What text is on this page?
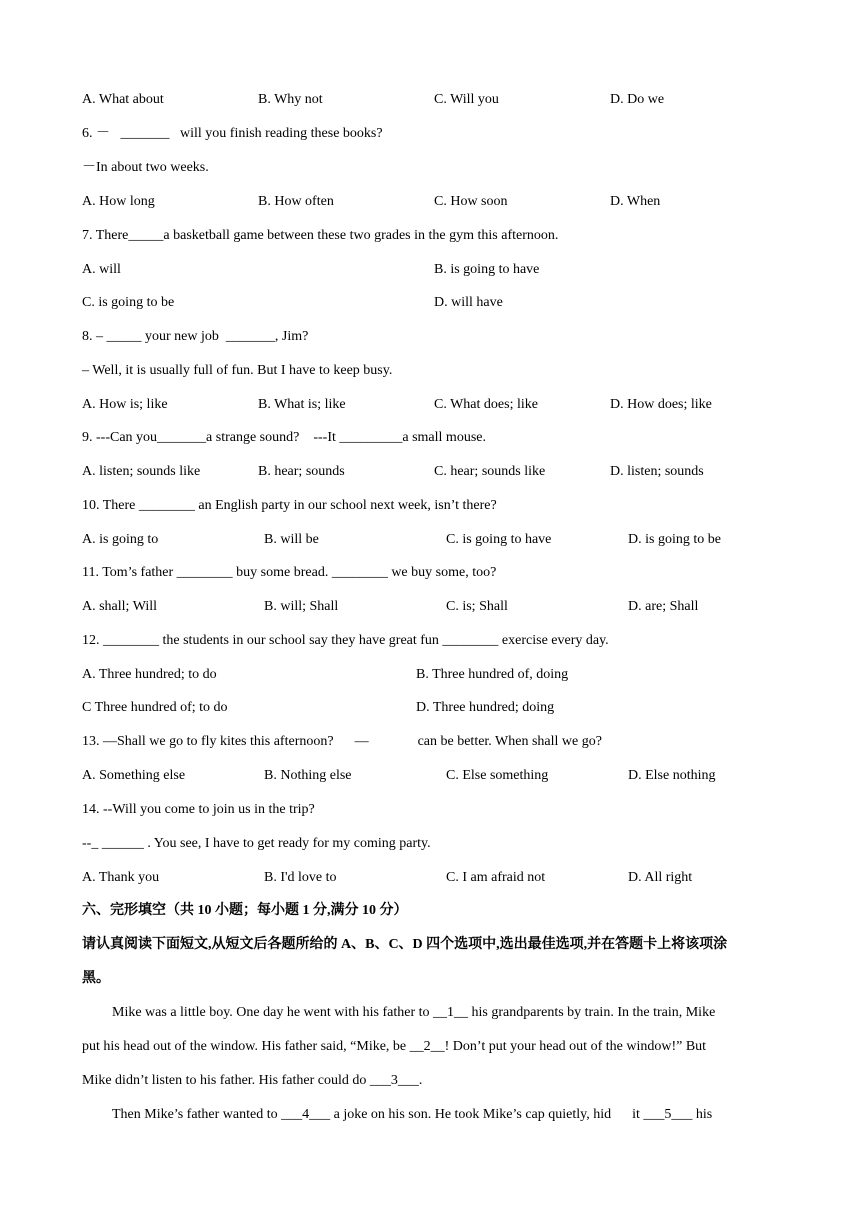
A. What about	B. Why not	C. Will you	D. Do we
6. －   _______   will you finish reading these books?
－In about two weeks.
A. How long	B. How often	C. How soon	D. When
7. There_____a basketball game between these two grades in the gym this afternoon.
A. will	B. is going to have
C. is going to be	D. will have
8. – _____ your new job  _______, Jim?
– Well, it is usually full of fun. But I have to keep busy.
A. How is; like	B. What is; like	C. What does; like	D. How does; like
9. ---Can you_______a strange sound?    ---It _________a small mouse.
A. listen; sounds like	B. hear; sounds	C. hear; sounds like	D. listen; sounds
10. There ________ an English party in our school next week, isn’t there?
A. is going to	B. will be	C. is going to have	D. is going to be
11. Tom’s father ________ buy some bread. ________ we buy some, too?
A. shall; Will	B. will; Shall	C. is; Shall	D. are; Shall
12. ________ the students in our school say they have great fun ________ exercise every day.
A. Three hundred; to do	B. Three hundred of, doing
C Three hundred of; to do	D. Three hundred; doing
13. —Shall we go to fly kites this afternoon?      —              can be better. When shall we go?
A. Something else	B. Nothing else	C. Else something	D. Else nothing
14. --Will you come to join us in the trip?
--_ ______ . You see, I have to get ready for my coming party.
A. Thank you	B. I'd love to	C. I am afraid not	D. All right
六、完形填空（共 10 小题；每小题 1 分,满分 10 分）
请认真阅读下面短文,从短文后各题所给的 A、B、C、D 四个选项中,选出最佳选项,并在答题卡上将该项涂
黑。
Mike was a little boy. One day he went with his father to __1__ his grandparents by train. In the train, Mike
put his head out of the window. His father said, “Mike, be __2__! Don’t put your head out of the window!” But
Mike didn’t listen to his father. His father could do ___3___.
Then Mike’s father wanted to ___4___ a joke on his son. He took Mike’s cap quietly, hid      it ___5___ his
